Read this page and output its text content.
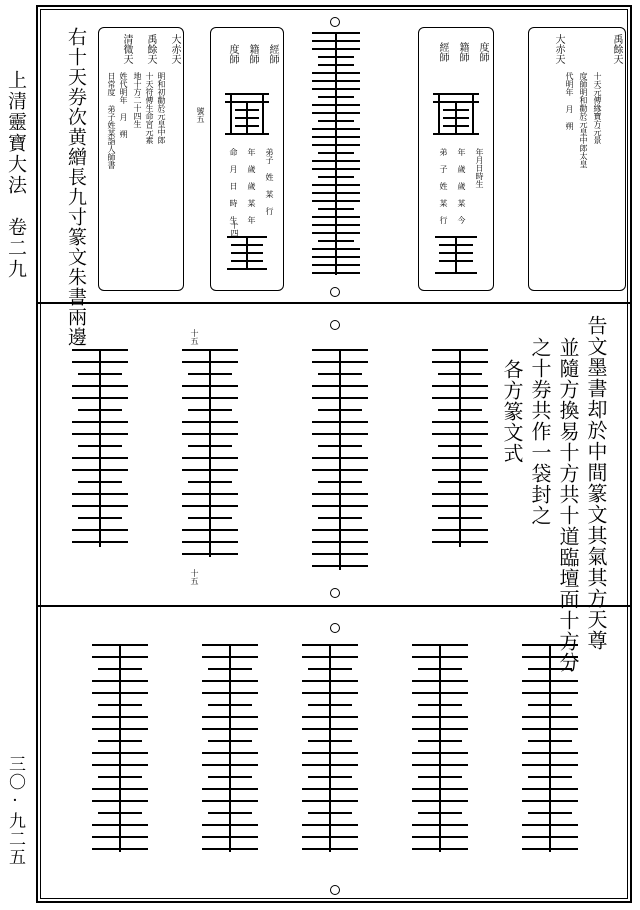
上清靈寶大法　卷二九
三〇·九二五
右十天券次黄繒長九寸篆文朱書兩邊	大赤天
禹餘天
清微天
明和初勸於元皇中郎
十天符傳生命宮元素
地十方二十四生
姓代明年 月 朔
日常度 弟子姓某詣人師書	號五
經師
籍師
度師
弟子 姓 某 行
年 歲 歲 某 年
命 月 日 時 生
十四
度師
籍師
經師
年月日時生
年 歲 歲 某 今
弟 子 姓 某 行
禹餘天
大赤天
十天元傳緣寶方元景
度師明和勸於元皇中郎太皇
代明年 月 朔
十五
十五	告文墨書却於中間篆文其氣其方天尊
並隨方換易十方共十道臨壇面十方分
之十券共作一袋封之
各方篆文式
